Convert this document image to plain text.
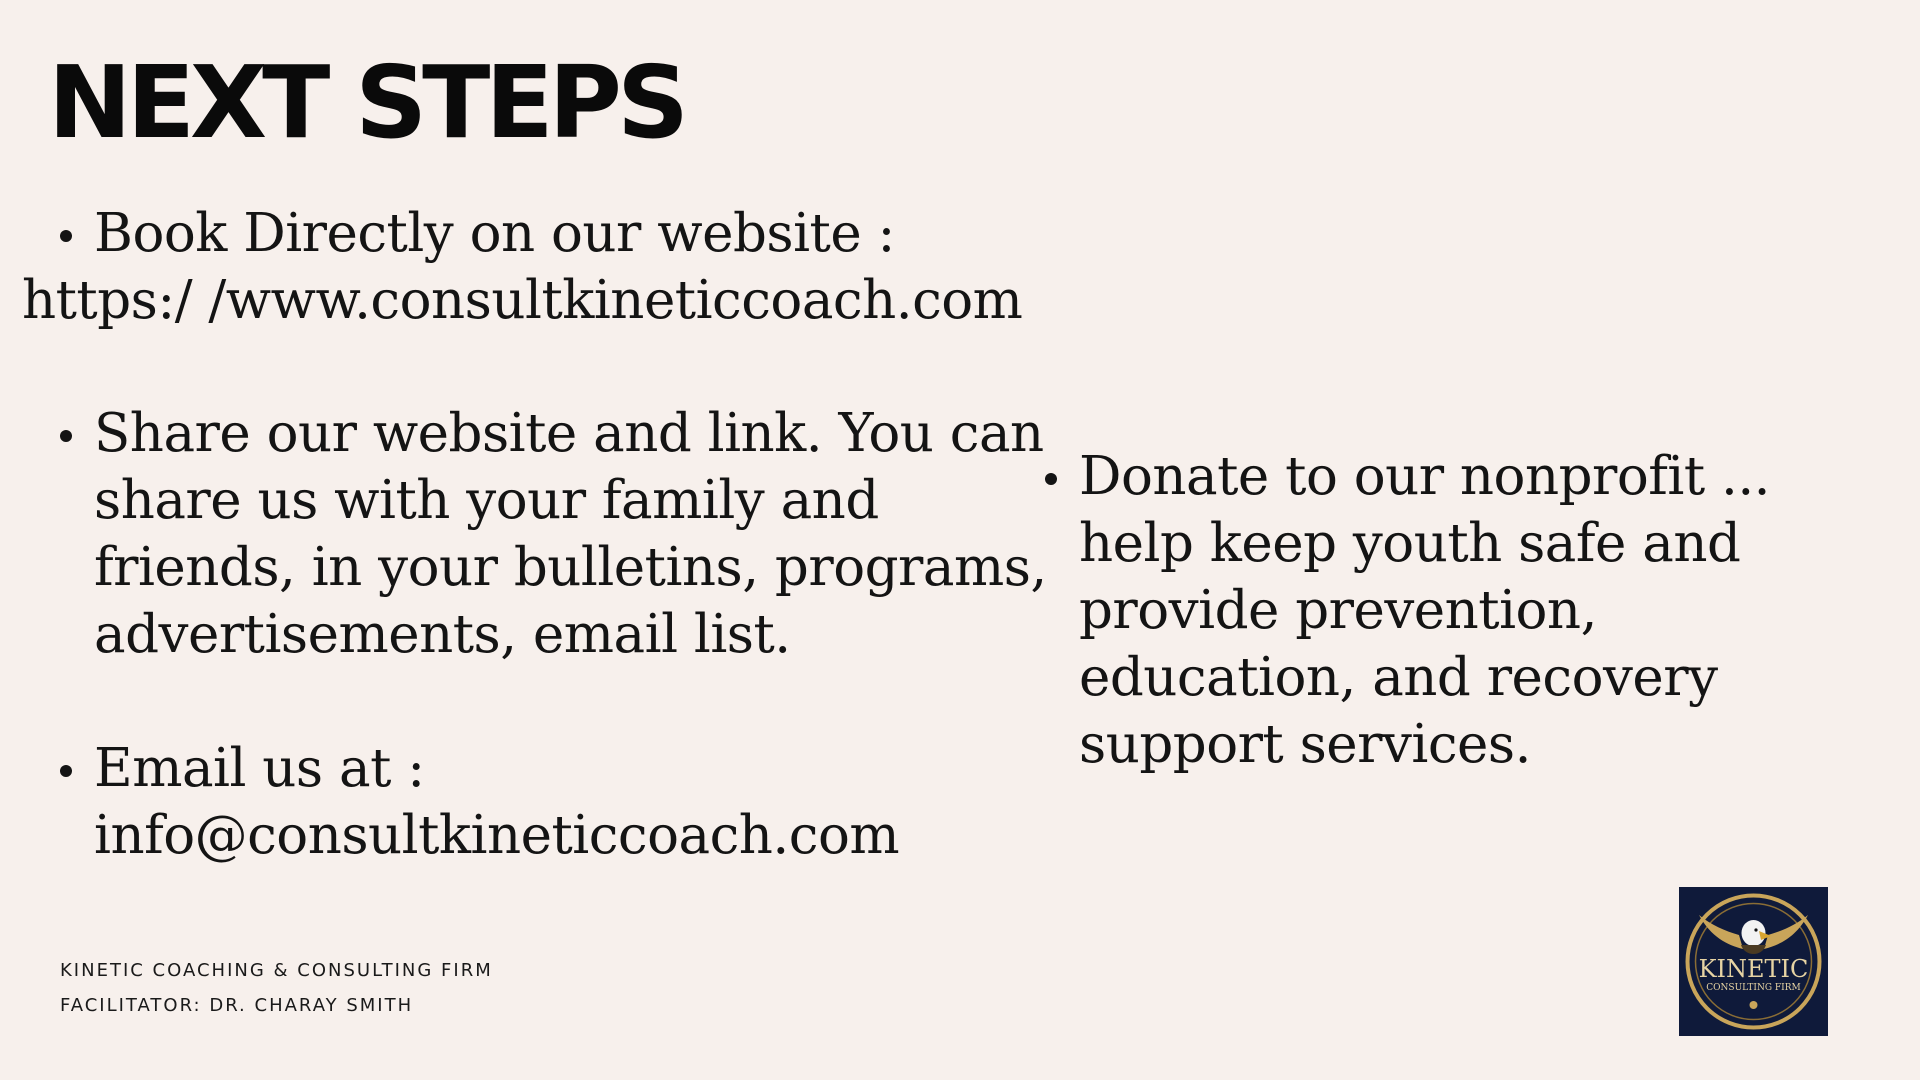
NEXT STEPS
Book Directly on our website :
https:/ /www.consultkineticcoach.com
Share our website and link. You can share us with your family and friends, in your bulletins, programs, advertisements, email list.
Email us at : info@consultkineticcoach.com
Donate to our nonprofit ... help keep youth safe and provide prevention, education, and recovery support services.
KINETIC COACHING & CONSULTING FIRM
FACILITATOR: DR. CHARAY SMITH
KINETIC
CONSULTING FIRM
